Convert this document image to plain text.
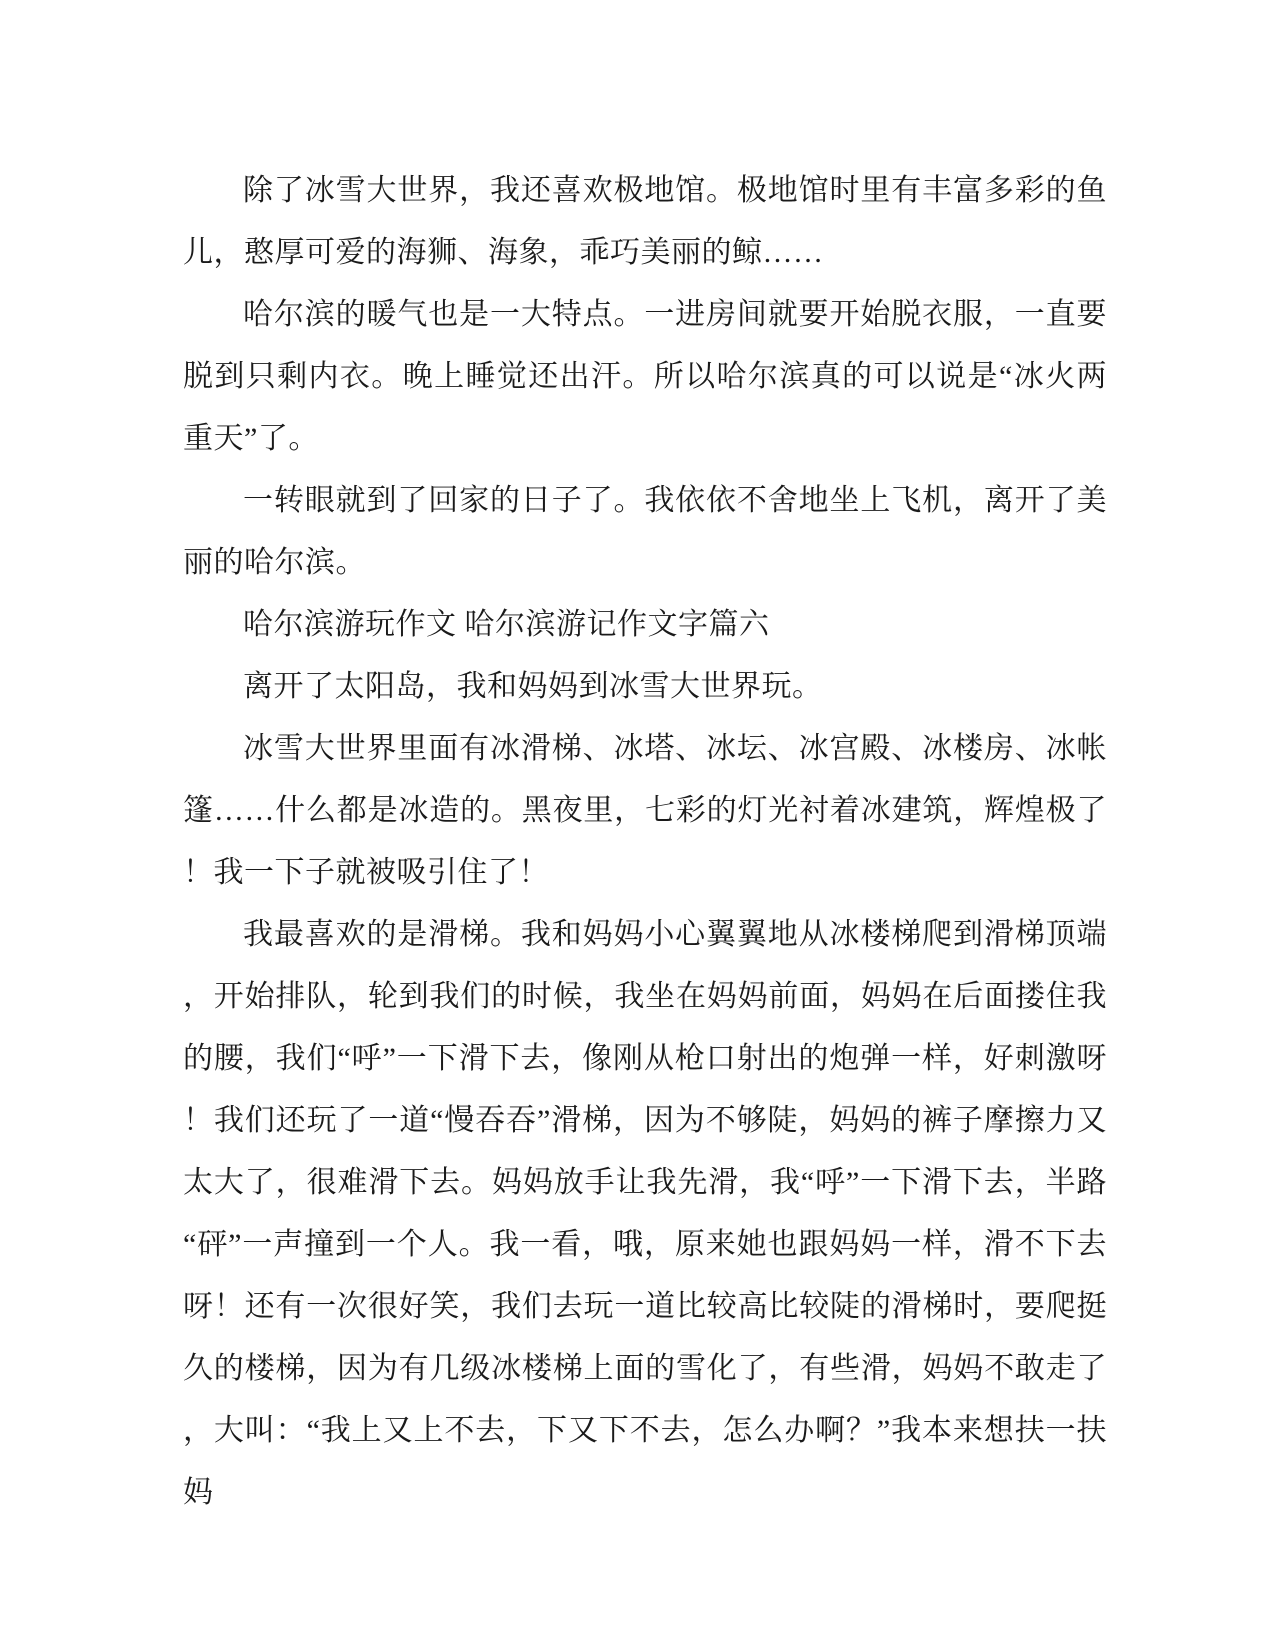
除了冰雪大世界，我还喜欢极地馆。极地馆时里有丰富多彩的鱼儿，憨厚可爱的海狮、海象，乖巧美丽的鲸……

哈尔滨的暖气也是一大特点。一进房间就要开始脱衣服，一直要脱到只剩内衣。晚上睡觉还出汗。所以哈尔滨真的可以说是“冰火两重天”了。

一转眼就到了回家的日子了。我依依不舍地坐上飞机，离开了美丽的哈尔滨。

哈尔滨游玩作文 哈尔滨游记作文字篇六

离开了太阳岛，我和妈妈到冰雪大世界玩。

冰雪大世界里面有冰滑梯、冰塔、冰坛、冰宫殿、冰楼房、冰帐篷……什么都是冰造的。黑夜里，七彩的灯光衬着冰建筑，辉煌极了！我一下子就被吸引住了！

我最喜欢的是滑梯。我和妈妈小心翼翼地从冰楼梯爬到滑梯顶端，开始排队，轮到我们的时候，我坐在妈妈前面，妈妈在后面搂住我的腰，我们“呼”一下滑下去，像刚从枪口射出的炮弹一样，好刺激呀！我们还玩了一道“慢吞吞”滑梯，因为不够陡，妈妈的裤子摩擦力又太大了，很难滑下去。妈妈放手让我先滑，我“呼”一下滑下去，半路“砰”一声撞到一个人。我一看，哦，原来她也跟妈妈一样，滑不下去呀！还有一次很好笑，我们去玩一道比较高比较陡的滑梯时，要爬挺久的楼梯，因为有几级冰楼梯上面的雪化了，有些滑，妈妈不敢走了，大叫：“我上又上不去，下又下不去，怎么办啊？”我本来想扶一扶妈
